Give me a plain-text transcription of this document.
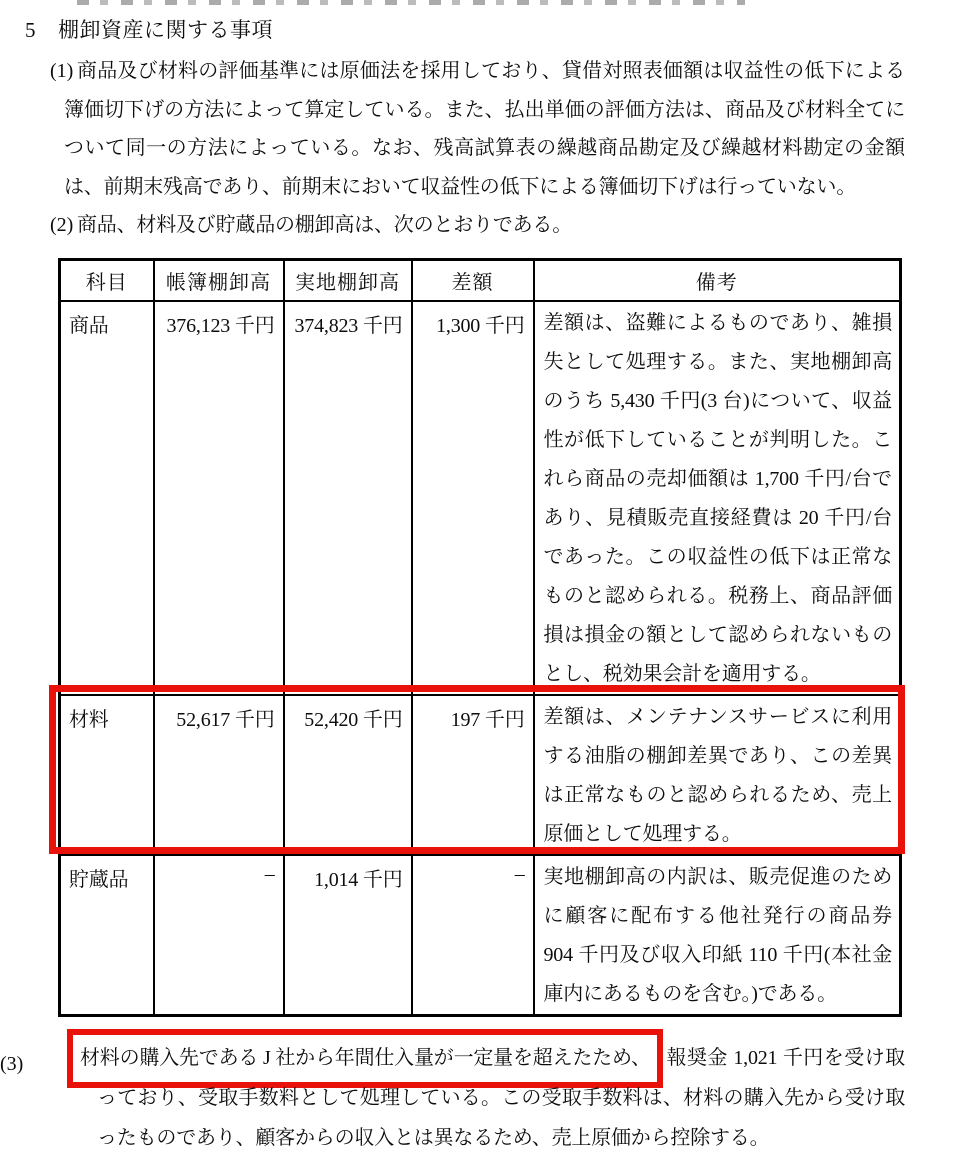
5 棚卸資産に関する事項
(1) 商品及び材料の評価基準には原価法を採用しており、貸借対照表価額は収益性の低下による簿価切下げの方法によって算定している。また、払出単価の評価方法は、商品及び材料全てについて同一の方法によっている。なお、残高試算表の繰越商品勘定及び繰越材料勘定の金額は、前期末残高であり、前期末において収益性の低下による簿価切下げは行っていない。
(2) 商品、材料及び貯蔵品の棚卸高は、次のとおりである。
科目	帳簿棚卸高	実地棚卸高	差額	備考
商品	376,123 千円	374,823 千円	1,300 千円	差額は、盗難によるものであり、雑損失として処理する。また、実地棚卸高のうち 5,430 千円(3 台)について、収益性が低下していることが判明した。これら商品の売却価額は 1,700 千円/台であり、見積販売直接経費は 20 千円/台であった。この収益性の低下は正常なものと認められる。税務上、商品評価損は損金の額として認められないものとし、税効果会計を適用する。
材料	52,617 千円	52,420 千円	197 千円	差額は、メンテナンスサービスに利用する油脂の棚卸差異であり、この差異は正常なものと認められるため、売上原価として処理する。
貯蔵品	–	1,014 千円	–	実地棚卸高の内訳は、販売促進のために顧客に配布する他社発行の商品券 904 千円及び収入印紙 110 千円(本社金庫内にあるものを含む。)である。
(3)	材料の購入先である J 社から年間仕入量が一定量を超えたため、 報奨金 1,021 千円を受け取っており、受取手数料として処理している。この受取手数料は、材料の購入先から受け取ったものであり、顧客からの収入とは異なるため、売上原価から控除する。
